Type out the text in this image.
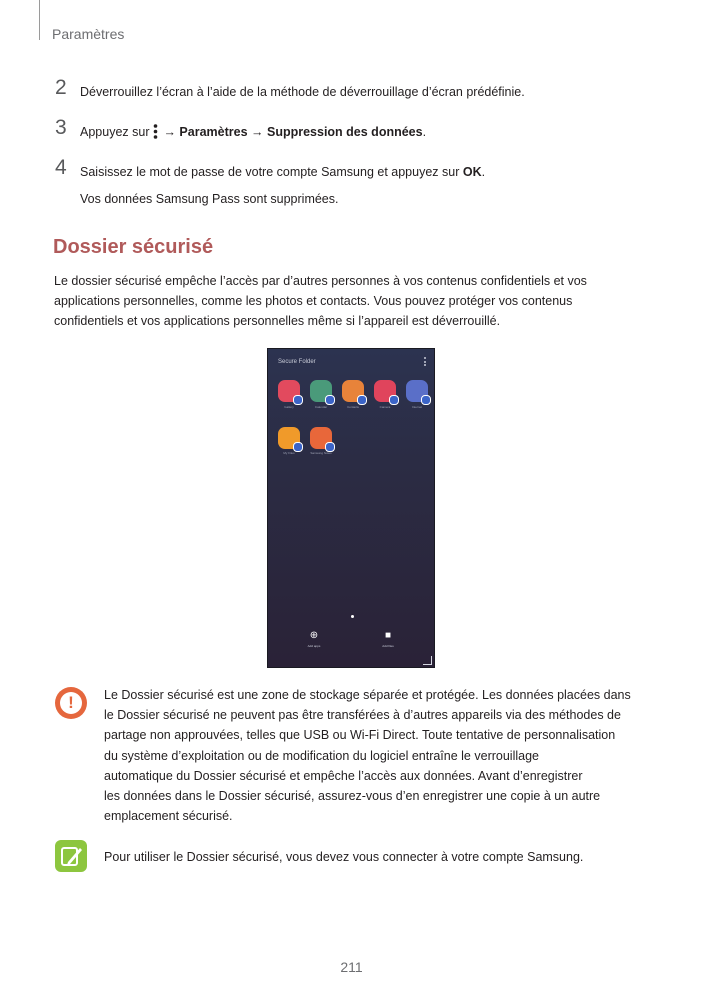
Paramètres
2 Déverrouillez l’écran à l’aide de la méthode de déverrouillage d’écran prédéfinie.
3 Appuyez sur  → Paramètres → Suppression des données.
4 Saisissez le mot de passe de votre compte Samsung et appuyez sur OK.
Vos données Samsung Pass sont supprimées.
Dossier sécurisé
Le dossier sécurisé empêche l’accès par d’autres personnes à vos contenus confidentiels et vos
applications personnelles, comme les photos et contacts. Vous pouvez protéger vos contenus
confidentiels et vos applications personnelles même si l’appareil est déverrouillé.
Secure Folder
Gallery	Calendar	Contacts	Camera	Internet
My Files	Samsung Notes
⊕
Add apps
■
Add files
!	Le Dossier sécurisé est une zone de stockage séparée et protégée. Les données placées dans
le Dossier sécurisé ne peuvent pas être transférées à d’autres appareils via des méthodes de
partage non approuvées, telles que USB ou Wi-Fi Direct. Toute tentative de personnalisation
du système d’exploitation ou de modification du logiciel entraîne le verrouillage
automatique du Dossier sécurisé et empêche l’accès aux données. Avant d’enregistrer
les données dans le Dossier sécurisé, assurez-vous d’en enregistrer une copie à un autre
emplacement sécurisé.
Pour utiliser le Dossier sécurisé, vous devez vous connecter à votre compte Samsung.
211
